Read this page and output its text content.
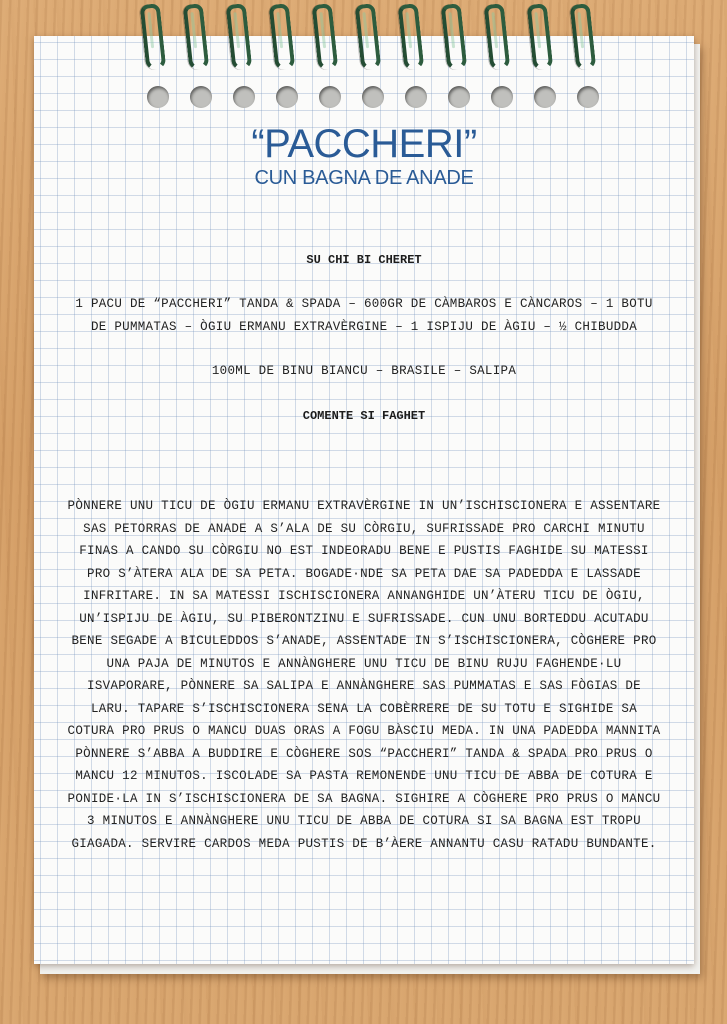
“PACCHERI”
CUN BAGNA DE ANADE
SU CHI BI CHERET
1 PACU DE “PACCHERI” TANDA & SPADA – 600GR DE CÀMBAROS E CÀNCAROS – 1 BOTU DE PUMMATAS – ÒGIU ERMANU EXTRAVÈRGINE – 1 ISPIJU DE ÀGIU – ½ CHIBUDDA
100ML DE BINU BIANCU – BRASILE – SALIPA
COMENTE SI FAGHET
PÒNNERE UNU TICU DE ÒGIU ERMANU EXTRAVÈRGINE IN UN’ISCHISCIONERA E ASSENTARE SAS PETORRAS DE ANADE A S’ALA DE SU CÒRGIU, SUFRISSADE PRO CARCHI MINUTU FINAS A CANDO SU CÒRGIU NO EST INDEORADU BENE E PUSTIS FAGHIDE SU MATESSI PRO S’ÀTERA ALA DE SA PETA. BOGADE·NDE SA PETA DAE SA PADEDDA E LASSADE INFRITARE. IN SA MATESSI ISCHISCIONERA ANNANGHIDE UN’ÀTERU TICU DE ÒGIU, UN’ISPIJU DE ÀGIU, SU PIBERONTZINU E SUFRISSADE. CUN UNU BORTEDDU ACUTADU BENE SEGADE A BICULEDDOS S’ANADE, ASSENTADE IN S’ISCHISCIONERA, CÒGHERE PRO UNA PAJA DE MINUTOS E ANNÀNGHERE UNU TICU DE BINU RUJU FAGHENDE·LU ISVAPORARE, PÒNNERE SA SALIPA E ANNÀNGHERE SAS PUMMATAS E SAS FÒGIAS DE LARU. TAPARE S’ISCHISCIONERA SENA LA COBÈRRERE DE SU TOTU E SIGHIDE SA COTURA PRO PRUS O MANCU DUAS ORAS A FOGU BÀSCIU MEDA. IN UNA PADEDDA MANNITA PÒNNERE S’ABBA A BUDDIRE E CÒGHERE SOS “PACCHERI” TANDA & SPADA PRO PRUS O MANCU 12 MINUTOS. ISCOLADE SA PASTA REMONENDE UNU TICU DE ABBA DE COTURA E PONIDE·LA IN S’ISCHISCIONERA DE SA BAGNA. SIGHIRE A CÒGHERE PRO PRUS O MANCU 3 MINUTOS E ANNÀNGHERE UNU TICU DE ABBA DE COTURA SI SA BAGNA EST TROPU GIAGADA. SERVIRE CARDOS MEDA PUSTIS DE B’ÀERE ANNANTU CASU RATADU BUNDANTE.
